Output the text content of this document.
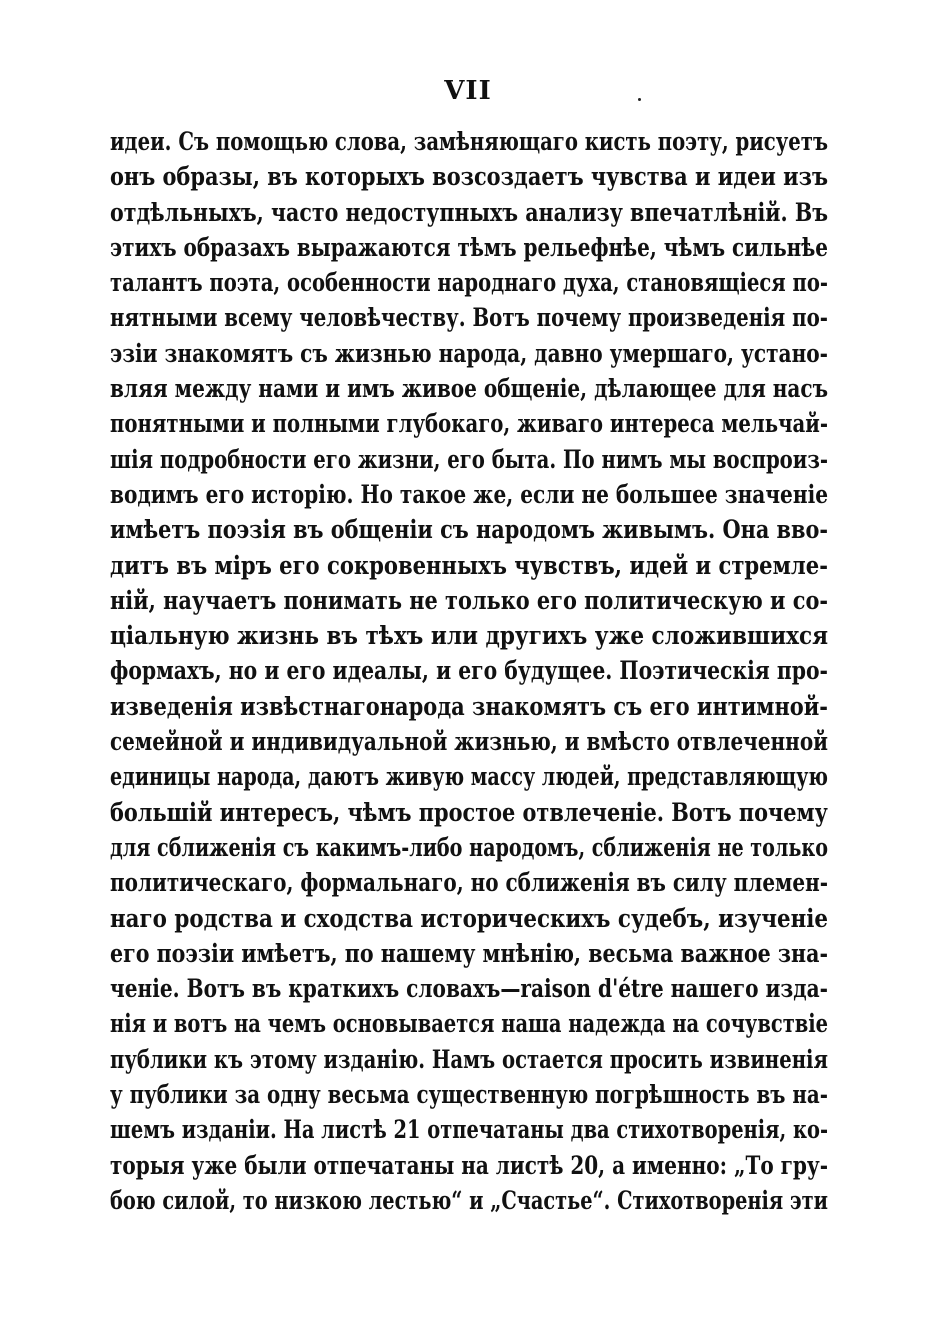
VII
идеи. Съ помощью слова, замѣняющаго кисть поэту, рисуетъ
онъ образы, въ которыхъ возсоздаетъ чувства и идеи изъ
отдѣльныхъ, часто недоступныхъ анализу впечатлѣній. Въ
этихъ образахъ выражаются тѣмъ рельефнѣе, чѣмъ сильнѣе
талантъ поэта, особенности народнаго духа, становящіеся по-
нятными всему человѣчеству. Вотъ почему произведенія по-
эзіи знакомятъ съ жизнью народа, давно умершаго, устано-
вляя между нами и имъ живое общеніе, дѣлающее для насъ
понятными и полными глубокаго, живаго интереса мельчай-
шія подробности его жизни, его быта. По нимъ мы воспроиз-
водимъ его исторію. Но такое же, если не большее значеніе
имѣетъ поэзія въ общеніи съ народомъ живымъ. Она вво-
дитъ въ міръ его сокровенныхъ чувствъ, идей и стремле-
ній, научаетъ понимать не только его политическую и со-
ціальную жизнь въ тѣхъ или другихъ уже сложившихся
формахъ, но и его идеалы, и его будущее. Поэтическія про-
изведенія извѣстнагонарода знакомятъ съ его интимной-
семейной и индивидуальной жизнью, и вмѣсто отвлеченной
единицы народа, даютъ живую массу людей, представляющую
большій интересъ, чѣмъ простое отвлеченіе. Вотъ почему
для сближенія съ какимъ-либо народомъ, сближенія не только
политическаго, формальнаго, но сближенія въ силу племен-
наго родства и сходства историческихъ судебъ, изученіе
его поэзіи имѣетъ, по нашему мнѣнію, весьма важное зна-
ченіе. Вотъ въ краткихъ словахъ—raison d'étre нашего изда-
нія и вотъ на чемъ основывается наша надежда на сочувствіе
публики къ этому изданію. Намъ остается просить извиненія
у публики за одну весьма существенную погрѣшность въ на-
шемъ изданіи. На листѣ 21 отпечатаны два стихотворенія, ко-
торыя уже были отпечатаны на листѣ 20, а именно: „То гру-
бою силой, то низкою лестью“ и „Счастье“. Стихотворенія эти
